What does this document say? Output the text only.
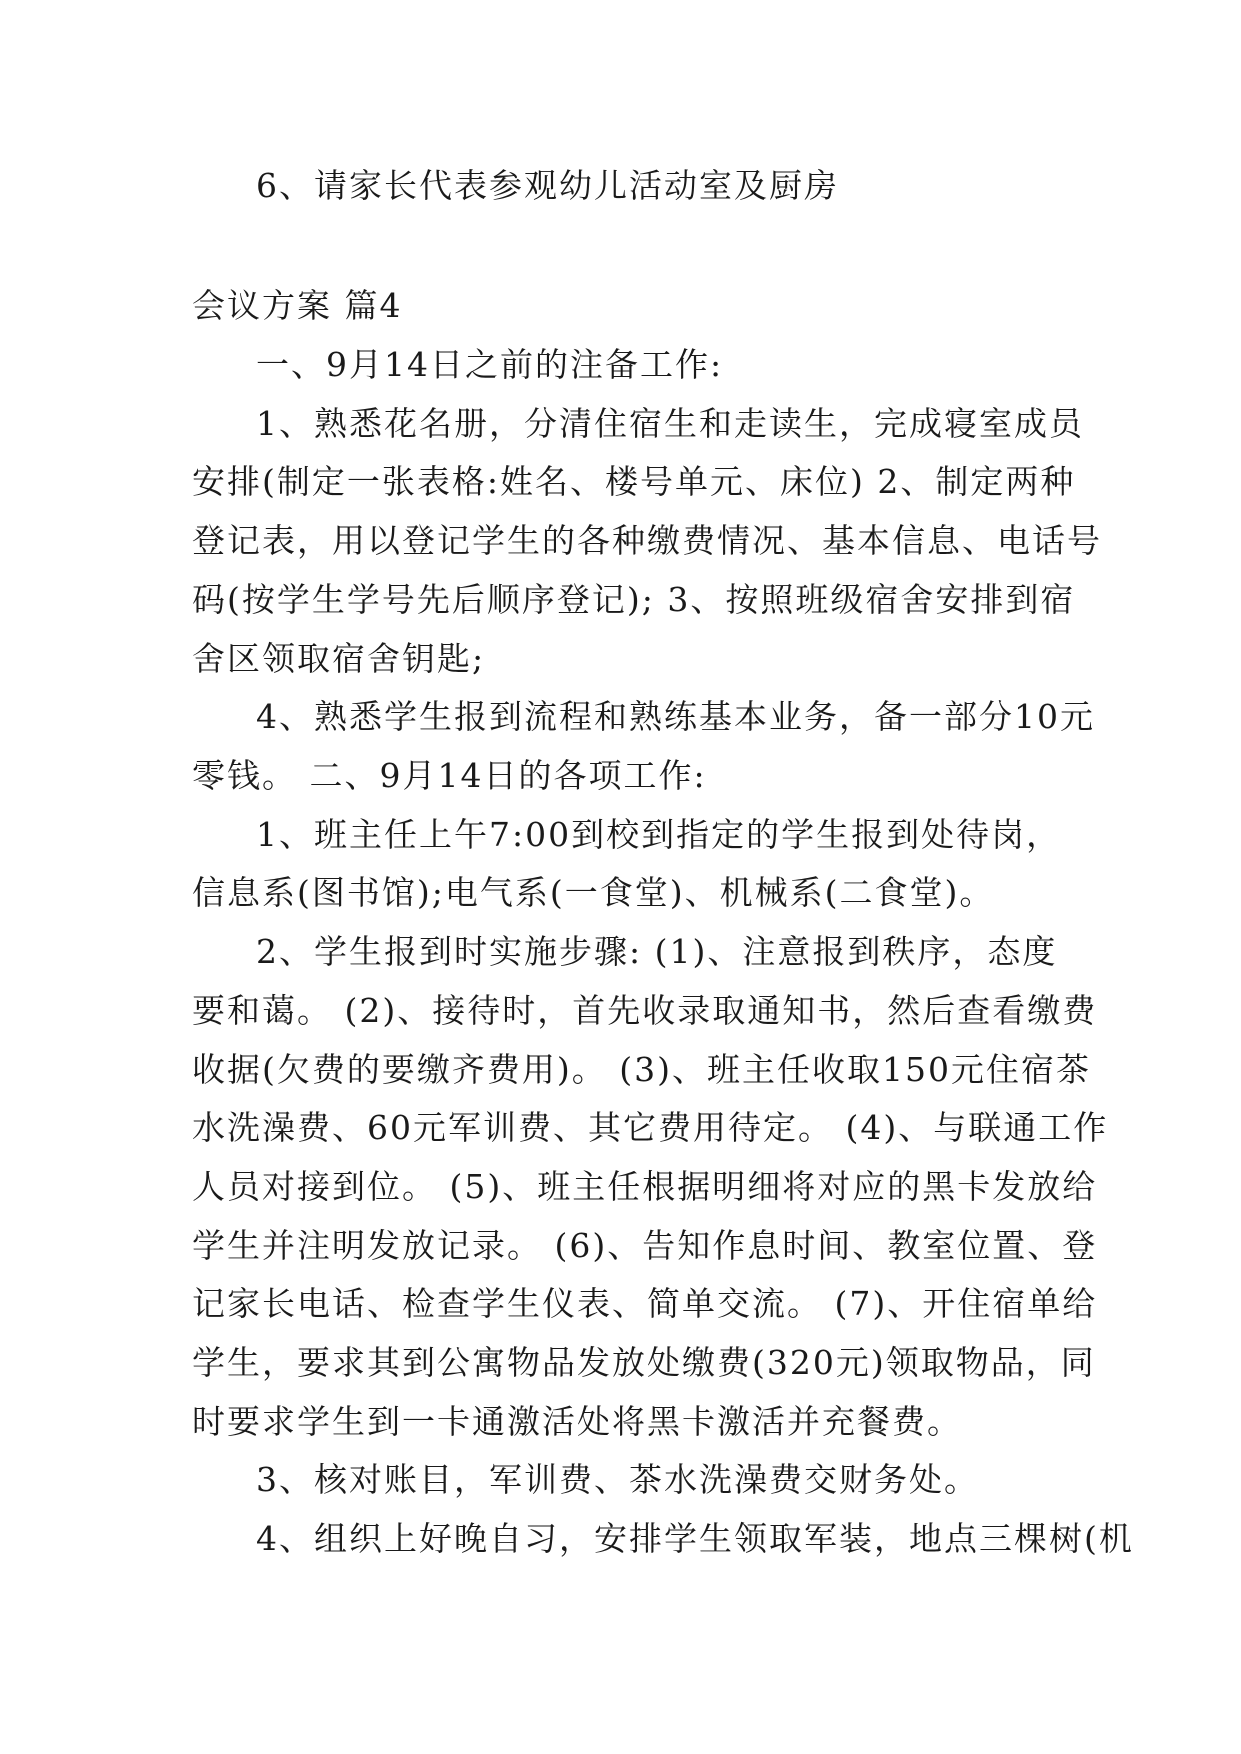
6、请家长代表参观幼儿活动室及厨房
会议方案 篇4
一、9月14日之前的注备工作:
1、熟悉花名册，分清住宿生和走读生，完成寝室成员
安排(制定一张表格:姓名、楼号单元、床位) 2、制定两种
登记表，用以登记学生的各种缴费情况、基本信息、电话号
码(按学生学号先后顺序登记); 3、按照班级宿舍安排到宿
舍区领取宿舍钥匙;
4、熟悉学生报到流程和熟练基本业务，备一部分10元
零钱。 二、9月14日的各项工作:
1、班主任上午7:00到校到指定的学生报到处待岗，
信息系(图书馆);电气系(一食堂)、机械系(二食堂)。
2、学生报到时实施步骤: (1)、注意报到秩序，态度
要和蔼。 (2)、接待时，首先收录取通知书，然后查看缴费
收据(欠费的要缴齐费用)。 (3)、班主任收取150元住宿茶
水洗澡费、60元军训费、其它费用待定。 (4)、与联通工作
人员对接到位。 (5)、班主任根据明细将对应的黑卡发放给
学生并注明发放记录。 (6)、告知作息时间、教室位置、登
记家长电话、检查学生仪表、简单交流。 (7)、开住宿单给
学生，要求其到公寓物品发放处缴费(320元)领取物品，同
时要求学生到一卡通激活处将黑卡激活并充餐费。
3、核对账目，军训费、茶水洗澡费交财务处。
4、组织上好晚自习，安排学生领取军装，地点三棵树(机
